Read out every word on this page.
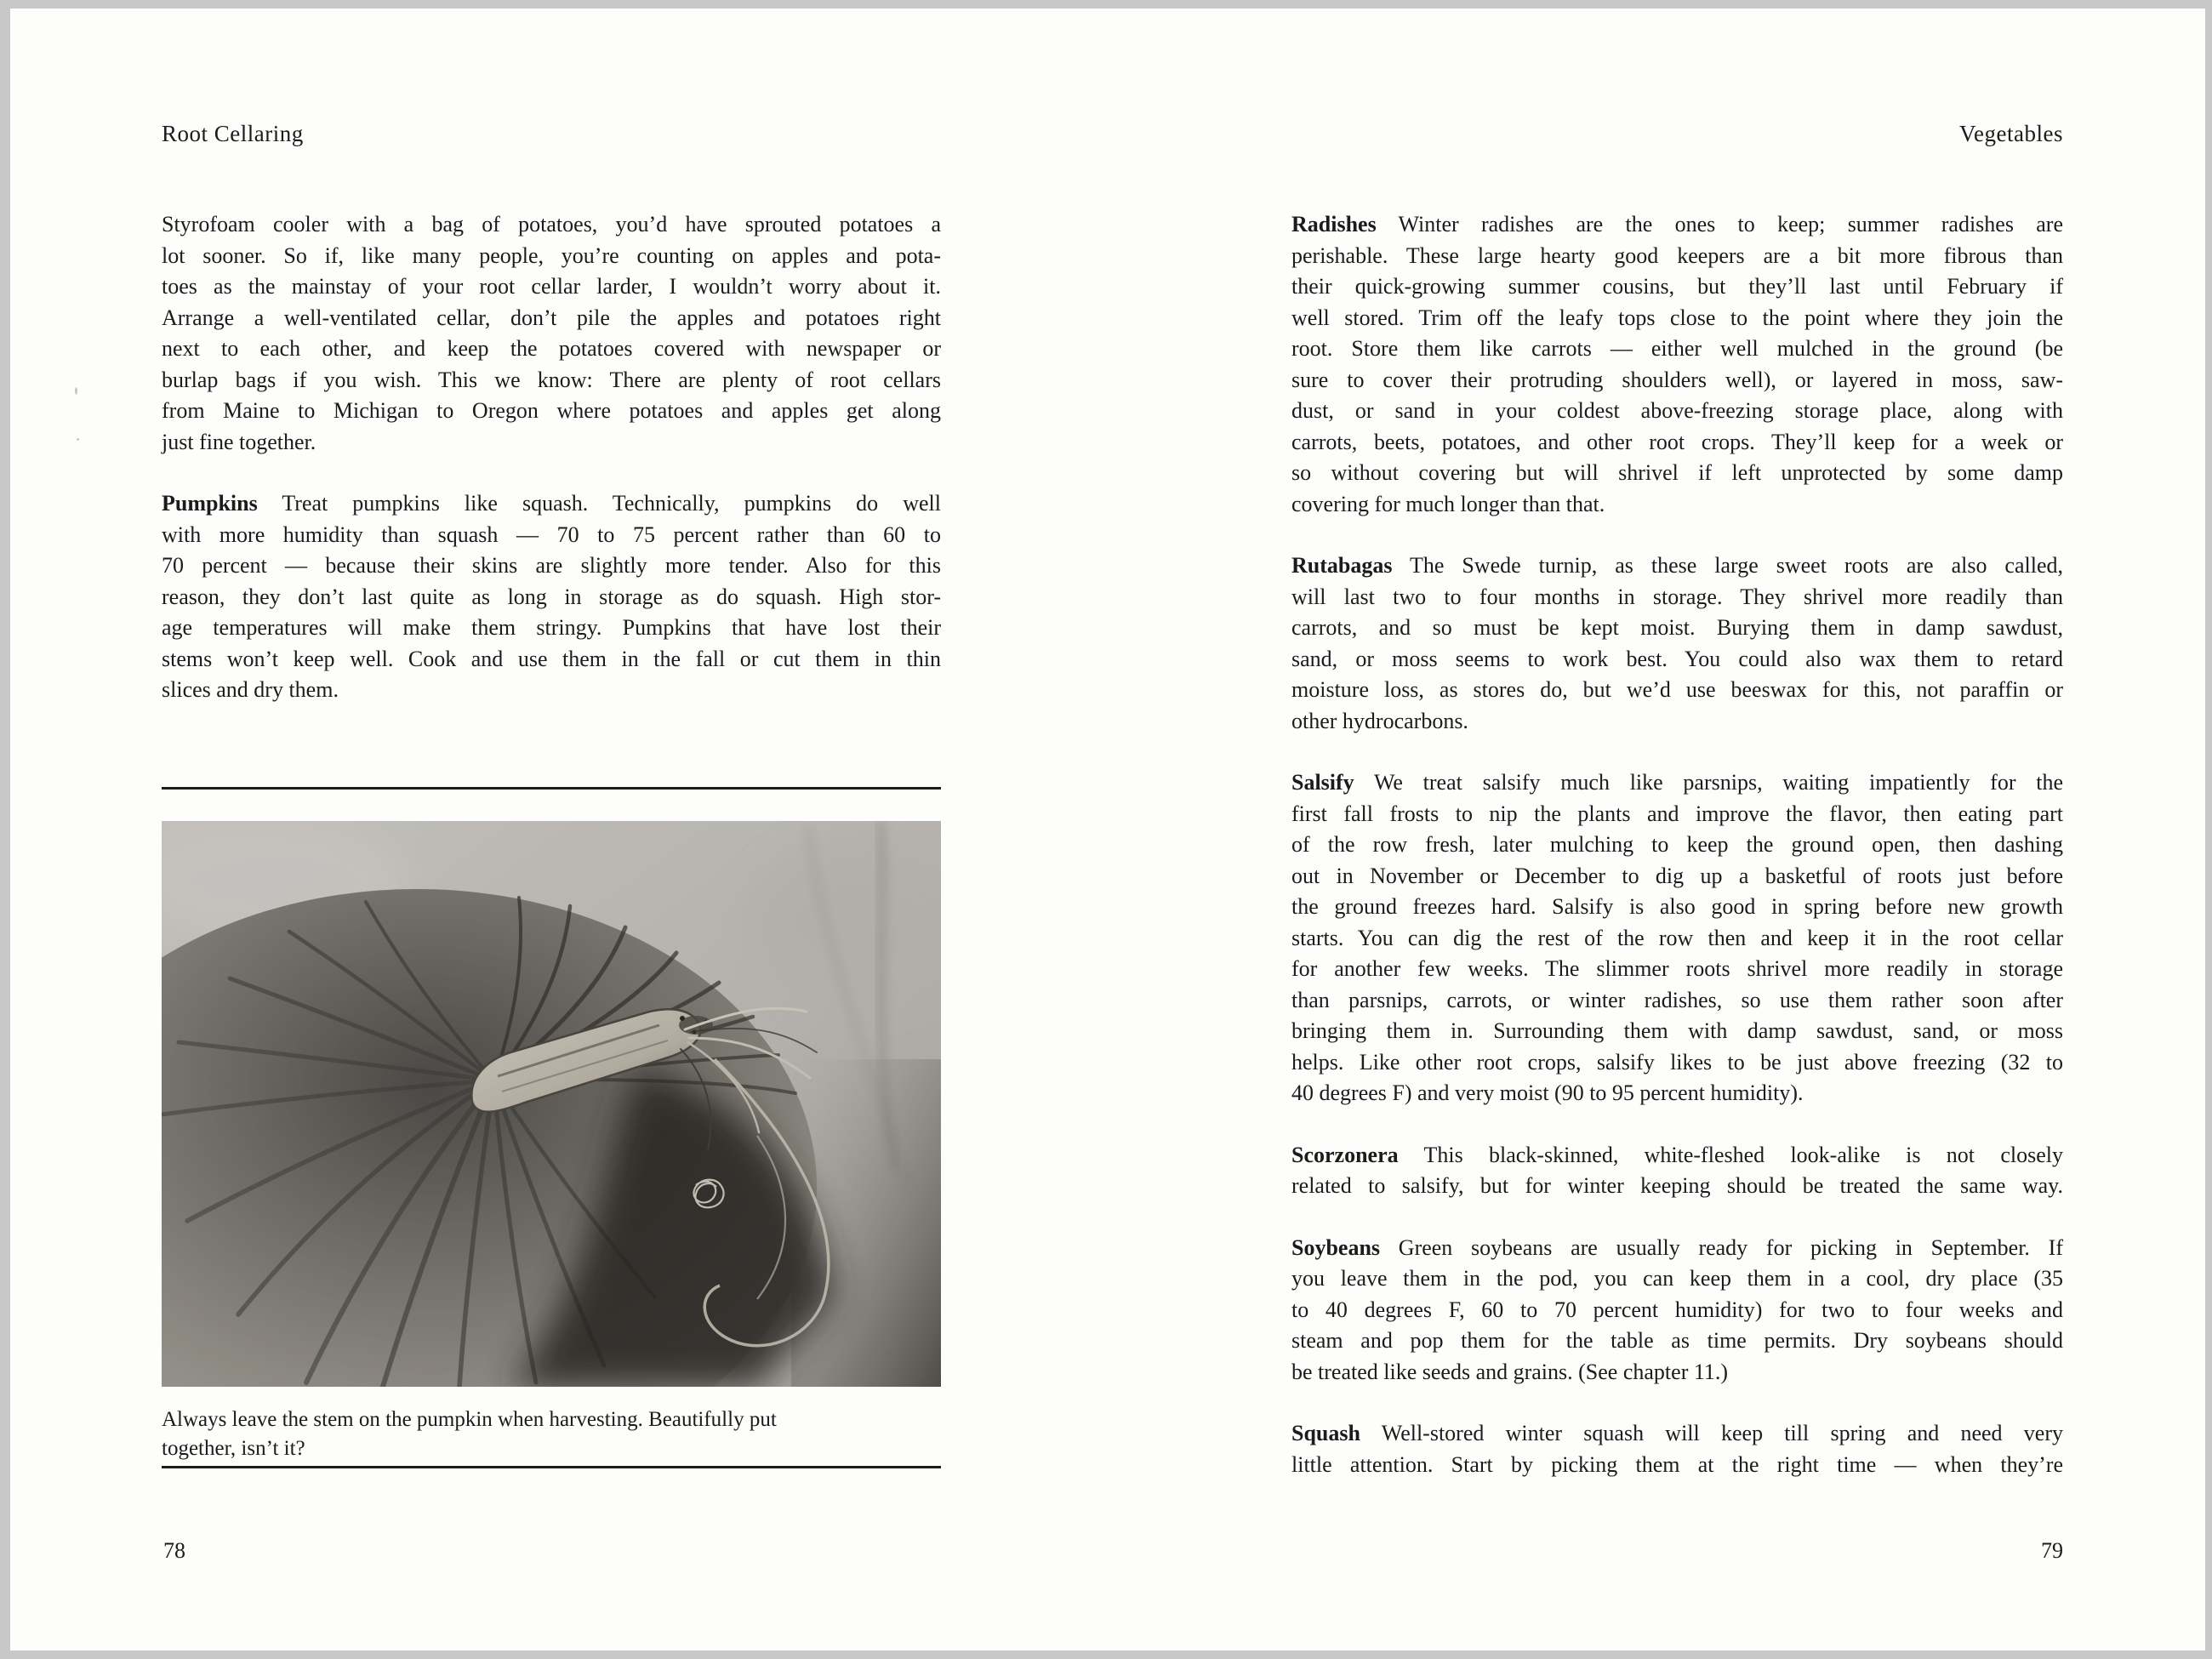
Root Cellaring
Styrofoam cooler with a bag of potatoes, you’d have sprouted potatoes a
lot sooner. So if, like many people, you’re counting on apples and pota-
toes as the mainstay of your root cellar larder, I wouldn’t worry about it.
Arrange a well-ventilated cellar, don’t pile the apples and potatoes right
next to each other, and keep the potatoes covered with newspaper or
burlap bags if you wish. This we know: There are plenty of root cellars
from Maine to Michigan to Oregon where potatoes and apples get along
just fine together.
Pumpkins Treat pumpkins like squash. Technically, pumpkins do well
with more humidity than squash — 70 to 75 percent rather than 60 to
70 percent — because their skins are slightly more tender. Also for this
reason, they don’t last quite as long in storage as do squash. High stor-
age temperatures will make them stringy. Pumpkins that have lost their
stems won’t keep well. Cook and use them in the fall or cut them in thin
slices and dry them.
Always leave the stem on the pumpkin when harvesting. Beautifully put
together, isn’t it?
78
Vegetables
Radishes Winter radishes are the ones to keep; summer radishes are
perishable. These large hearty good keepers are a bit more fibrous than
their quick-growing summer cousins, but they’ll last until February if
well stored. Trim off the leafy tops close to the point where they join the
root. Store them like carrots — either well mulched in the ground (be
sure to cover their protruding shoulders well), or layered in moss, saw-
dust, or sand in your coldest above-freezing storage place, along with
carrots, beets, potatoes, and other root crops. They’ll keep for a week or
so without covering but will shrivel if left unprotected by some damp
covering for much longer than that.
Rutabagas The Swede turnip, as these large sweet roots are also called,
will last two to four months in storage. They shrivel more readily than
carrots, and so must be kept moist. Burying them in damp sawdust,
sand, or moss seems to work best. You could also wax them to retard
moisture loss, as stores do, but we’d use beeswax for this, not paraffin or
other hydrocarbons.
Salsify We treat salsify much like parsnips, waiting impatiently for the
first fall frosts to nip the plants and improve the flavor, then eating part
of the row fresh, later mulching to keep the ground open, then dashing
out in November or December to dig up a basketful of roots just before
the ground freezes hard. Salsify is also good in spring before new growth
starts. You can dig the rest of the row then and keep it in the root cellar
for another few weeks. The slimmer roots shrivel more readily in storage
than parsnips, carrots, or winter radishes, so use them rather soon after
bringing them in. Surrounding them with damp sawdust, sand, or moss
helps. Like other root crops, salsify likes to be just above freezing (32 to
40 degrees F) and very moist (90 to 95 percent humidity).
Scorzonera This black-skinned, white-fleshed look-alike is not closely
related to salsify, but for winter keeping should be treated the same way.
Soybeans Green soybeans are usually ready for picking in September. If
you leave them in the pod, you can keep them in a cool, dry place (35
to 40 degrees F, 60 to 70 percent humidity) for two to four weeks and
steam and pop them for the table as time permits. Dry soybeans should
be treated like seeds and grains. (See chapter 11.)
Squash Well-stored winter squash will keep till spring and need very
little attention. Start by picking them at the right time — when they’re
79
